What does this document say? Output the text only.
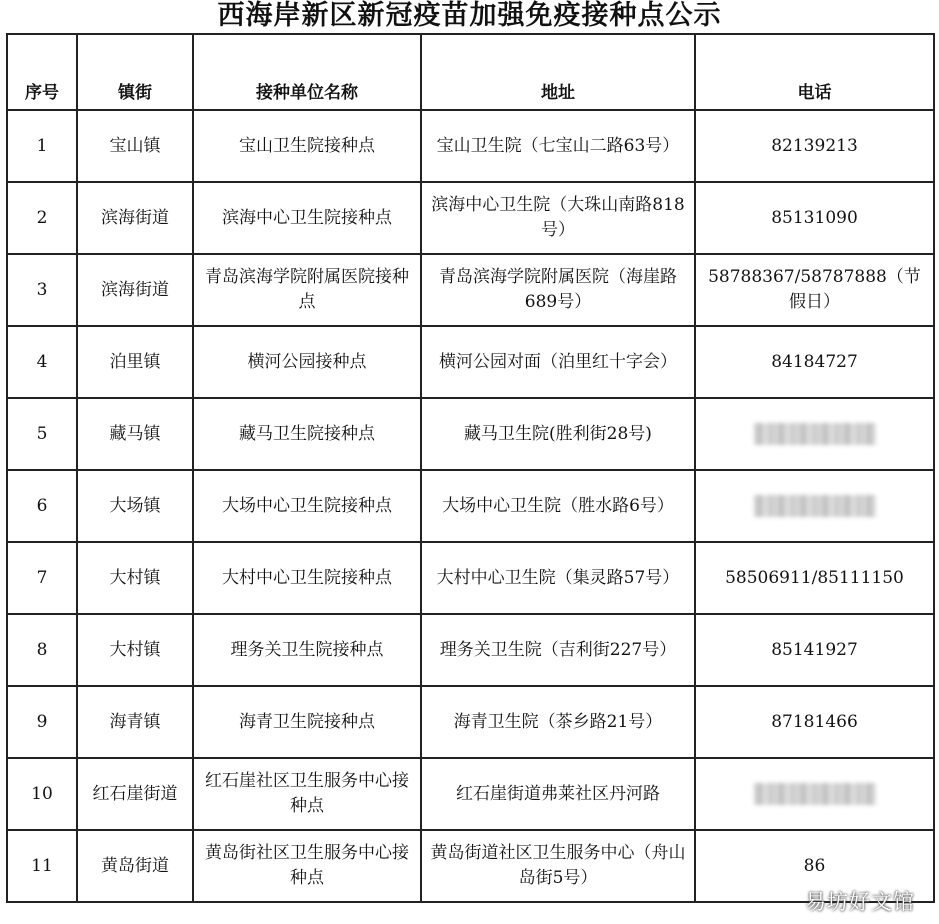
西海岸新区新冠疫苗加强免疫接种点公示
序号	镇街	接种单位名称	地址	电话
1	宝山镇	宝山卫生院接种点	宝山卫生院（七宝山二路63号）	82139213
2	滨海街道	滨海中心卫生院接种点	滨海中心卫生院（大珠山南路818号）	85131090
3	滨海街道	青岛滨海学院附属医院接种点	青岛滨海学院附属医院（海崖路689号）	58788367/58787888（节假日）
4	泊里镇	横河公园接种点	横河公园对面（泊里红十字会）	84184727
5	藏马镇	藏马卫生院接种点	藏马卫生院(胜利街28号)	
6	大场镇	大场中心卫生院接种点	大场中心卫生院（胜水路6号）	
7	大村镇	大村中心卫生院接种点	大村中心卫生院（集灵路57号）	58506911/85111150
8	大村镇	理务关卫生院接种点	理务关卫生院（吉利街227号）	85141927
9	海青镇	海青卫生院接种点	海青卫生院（茶乡路21号）	87181466
10	红石崖街道	红石崖社区卫生服务中心接种点	红石崖街道弗莱社区丹河路	
11	黄岛街道	黄岛街社区卫生服务中心接种点	黄岛街道社区卫生服务中心（舟山岛街5号）	86
易坊好文馆
